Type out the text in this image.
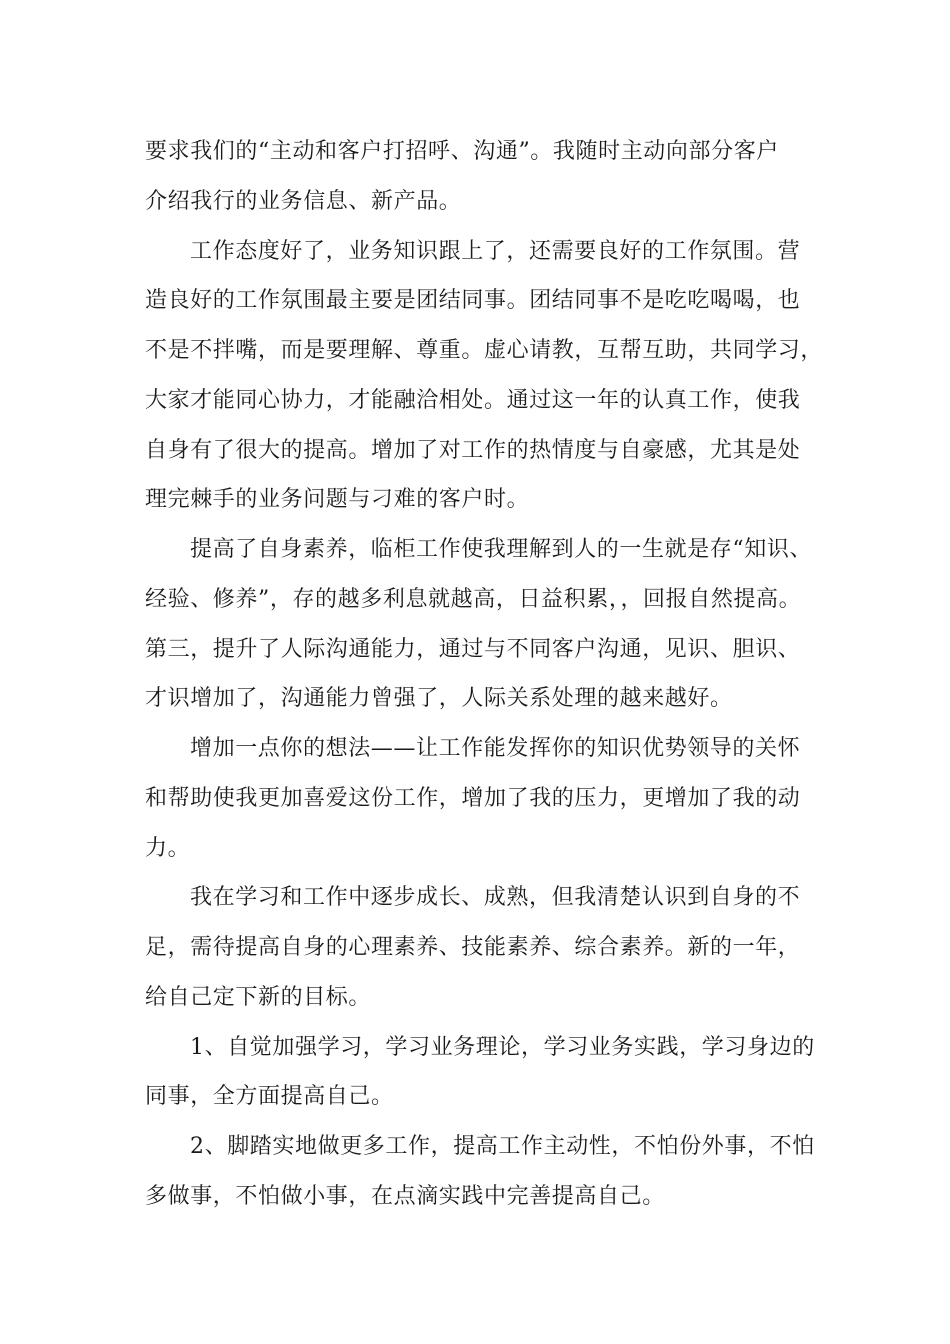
要求我们的“主动和客户打招呼、沟通”。我随时主动向部分客户

介绍我行的业务信息、新产品。

工作态度好了，业务知识跟上了，还需要良好的工作氛围。营

造良好的工作氛围最主要是团结同事。团结同事不是吃吃喝喝，也

不是不拌嘴，而是要理解、尊重。虚心请教，互帮互助，共同学习，

大家才能同心协力，才能融洽相处。通过这一年的认真工作，使我

自身有了很大的提高。增加了对工作的热情度与自豪感，尤其是处

理完棘手的业务问题与刁难的客户时。

提高了自身素养，临柜工作使我理解到人的一生就是存“知识、

经验、修养”，存的越多利息就越高，日益积累，，回报自然提高。

第三，提升了人际沟通能力，通过与不同客户沟通，见识、胆识、

才识增加了，沟通能力曾强了，人际关系处理的越来越好。

增加一点你的想法——让工作能发挥你的知识优势领导的关怀

和帮助使我更加喜爱这份工作，增加了我的压力，更增加了我的动

力。

我在学习和工作中逐步成长、成熟，但我清楚认识到自身的不

足，需待提高自身的心理素养、技能素养、综合素养。新的一年，

给自己定下新的目标。

1、自觉加强学习，学习业务理论，学习业务实践，学习身边的

同事，全方面提高自己。

2、脚踏实地做更多工作，提高工作主动性，不怕份外事，不怕

多做事，不怕做小事，在点滴实践中完善提高自己。
